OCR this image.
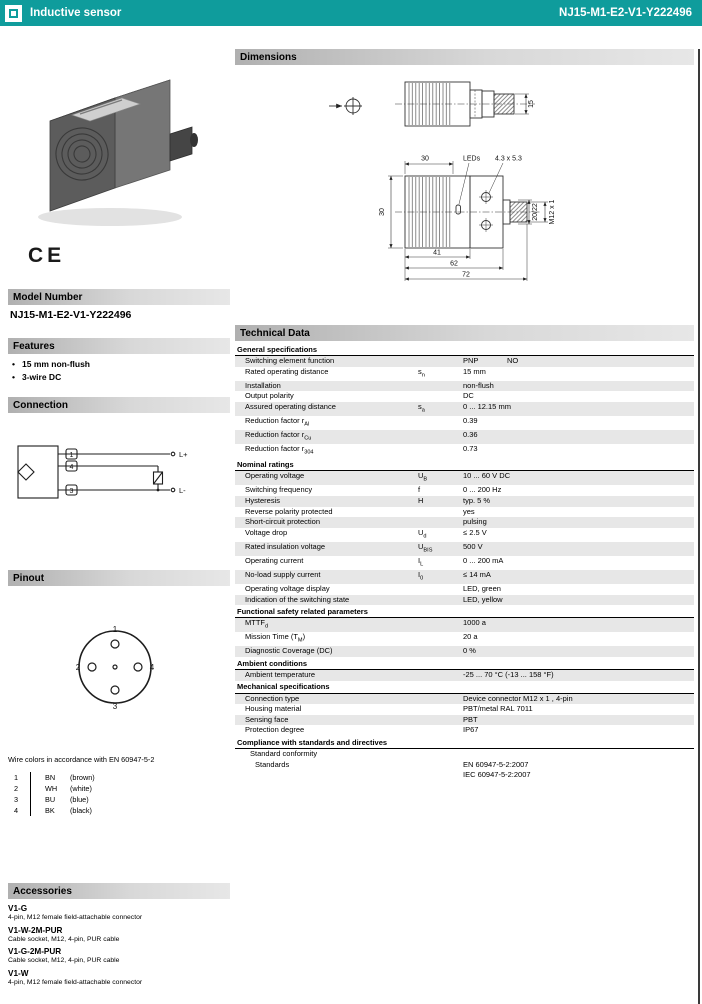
Inductive sensor	NJ15-M1-E2-V1-Y222496
CE
Model Number
NJ15-M1-E2-V1-Y222496
Features
• 15 mm non-flush
• 3-wire DC
Connection
1
4
3
L+
L-
Pinout
1
2	4
3
Wire colors in accordance with EN 60947-5-2
1	BN	(brown)
2	WH	(white)
3	BU	(blue)
4	BK	(black)
Accessories
V1-G
4-pin, M12 female field-attachable connector
V1-W-2M-PUR
Cable socket, M12, 4-pin, PUR cable
V1-G-2M-PUR
Cable socket, M12, 4-pin, PUR cable
V1-W
4-pin, M12 female field-attachable connector
Dimensions
15
30	LEDs 4.3 x 5.3
30	20/22 M12 x 1
41
62
72
Technical Data
General specifications
Switching element function	PNP	NO
Rated operating distance	$s_n$	15 mm
Installation	non-flush
Output polarity	DC
Assured operating distance	$s_a$	0 ... 12.15 mm
Reduction factor $r_{Al}$	0.39
Reduction factor $r_{Cu}$	0.36
Reduction factor $r_{304}$	0.73
Nominal ratings
Operating voltage	$U_B$	10 ... 60 V DC
Switching frequency	f	0 ... 200 Hz
Hysteresis	H	typ. 5 %
Reverse polarity protected	yes
Short-circuit protection	pulsing
Voltage drop	$U_d$	≤ 2.5 V
Rated insulation voltage	$U_{BIS}$	500 V
Operating current	$I_L$	0 ... 200 mA
No-load supply current	$I_0$	≤ 14 mA
Operating voltage display	LED, green
Indication of the switching state	LED, yellow
Functional safety related parameters
$MTTF_d$	1000 a
Mission Time $(T_M)$	20 a
Diagnostic Coverage (DC)	0 %
Ambient conditions
Ambient temperature	-25 ... 70 °C (-13 ... 158 °F)
Mechanical specifications
Connection type	Device connector M12 x 1 , 4-pin
Housing material	PBT/metal RAL 7011
Sensing face	PBT
Protection degree	IP67
Compliance with standards and directives
Standard conformity
Standards	EN 60947-5-2:2007
IEC 60947-5-2:2007
